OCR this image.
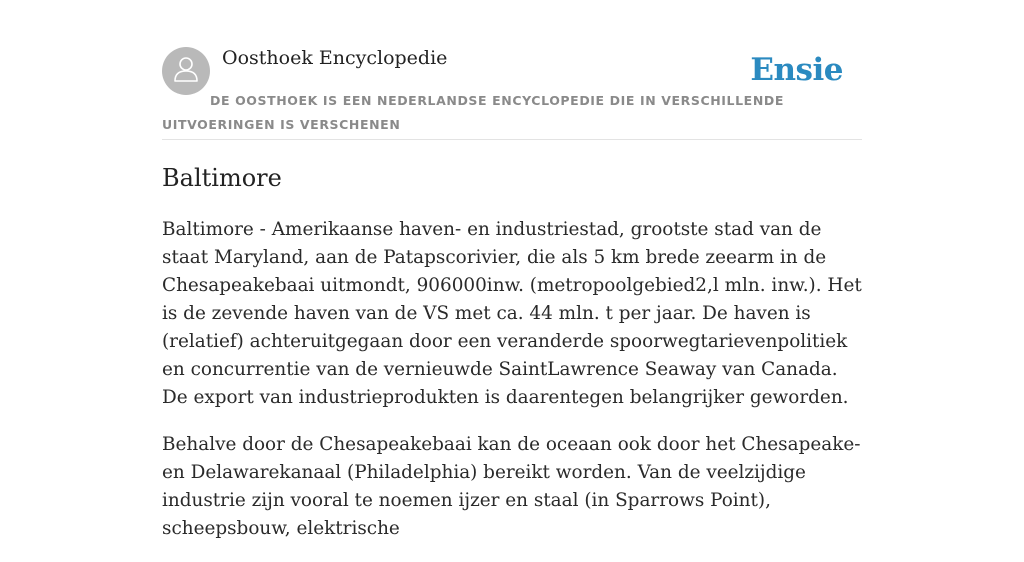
Oosthoek Encyclopedie	Ensie
DE OOSTHOEK IS EEN NEDERLANDSE ENCYCLOPEDIE DIE IN VERSCHILLENDE UITVOERINGEN IS VERSCHENEN
Baltimore

Baltimore - Amerikaanse haven- en industriestad, grootste stad van de staat Maryland, aan de Patapscorivier, die als 5 km brede zeearm in de Chesapeakebaai uitmondt, 906000inw. (metropoolgebied2,l mln. inw.). Het is de zevende haven van de VS met ca. 44 mln. t per jaar. De haven is (relatief) achteruitgegaan door een veranderde spoorwegtarievenpolitiek en concurrentie van de vernieuwde SaintLawrence Seaway van Canada. De export van industrieprodukten is daarentegen belangrijker geworden.

Behalve door de Chesapeakebaai kan de oceaan ook door het Chesapeake- en Delawarekanaal (Philadelphia) bereikt worden. Van de veelzijdige industrie zijn vooral te noemen ijzer en staal (in Sparrows Point), scheepsbouw, elektrische
